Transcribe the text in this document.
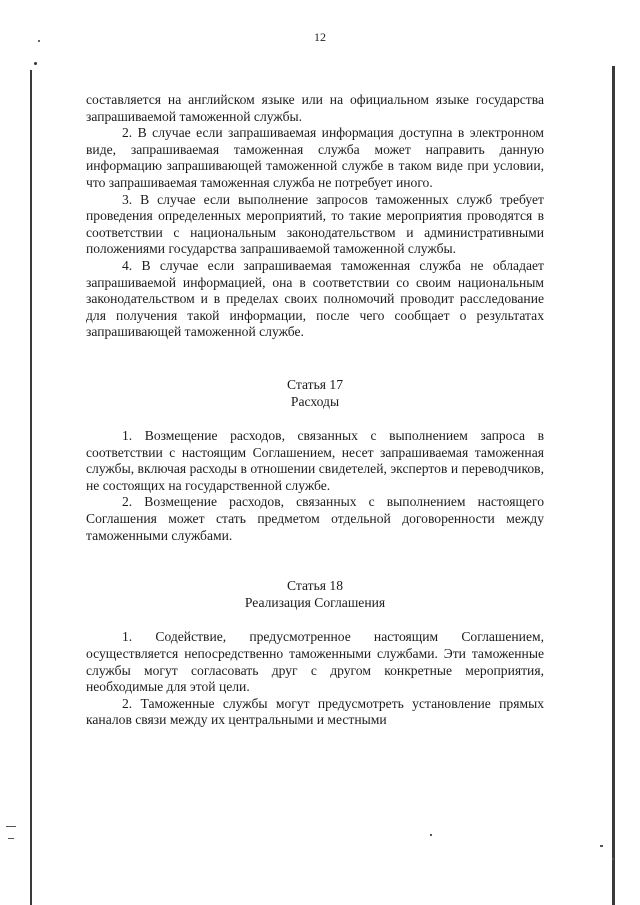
12

составляется на английском языке или на официальном языке государства запрашиваемой таможенной службы.

2. В случае если запрашиваемая информация доступна в электронном виде, запрашиваемая таможенная служба может направить данную информацию запрашивающей таможенной службе в таком виде при условии, что запрашиваемая таможенная служба не потребует иного.

3. В случае если выполнение запросов таможенных служб требует проведения определенных мероприятий, то такие мероприятия проводятся в соответствии с национальным законодательством и административными положениями государства запрашиваемой таможенной службы.

4. В случае если запрашиваемая таможенная служба не обладает запрашиваемой информацией, она в соответствии со своим национальным законодательством и в пределах своих полномочий проводит расследование для получения такой информации, после чего сообщает о результатах запрашивающей таможенной службе.

Статья 17

Расходы

1. Возмещение расходов, связанных с выполнением запроса в соответствии с настоящим Соглашением, несет запрашиваемая таможенная службы, включая расходы в отношении свидетелей, экспертов и переводчиков, не состоящих на государственной службе.

2. Возмещение расходов, связанных с выполнением настоящего Соглашения может стать предметом отдельной договоренности между таможенными службами.

Статья 18

Реализация Соглашения

1. Содействие, предусмотренное настоящим Соглашением, осуществляется непосредственно таможенными службами. Эти таможенные службы могут согласовать друг с другом конкретные мероприятия, необходимые для этой цели.

2. Таможенные службы могут предусмотреть установление прямых каналов связи между их центральными и местными
